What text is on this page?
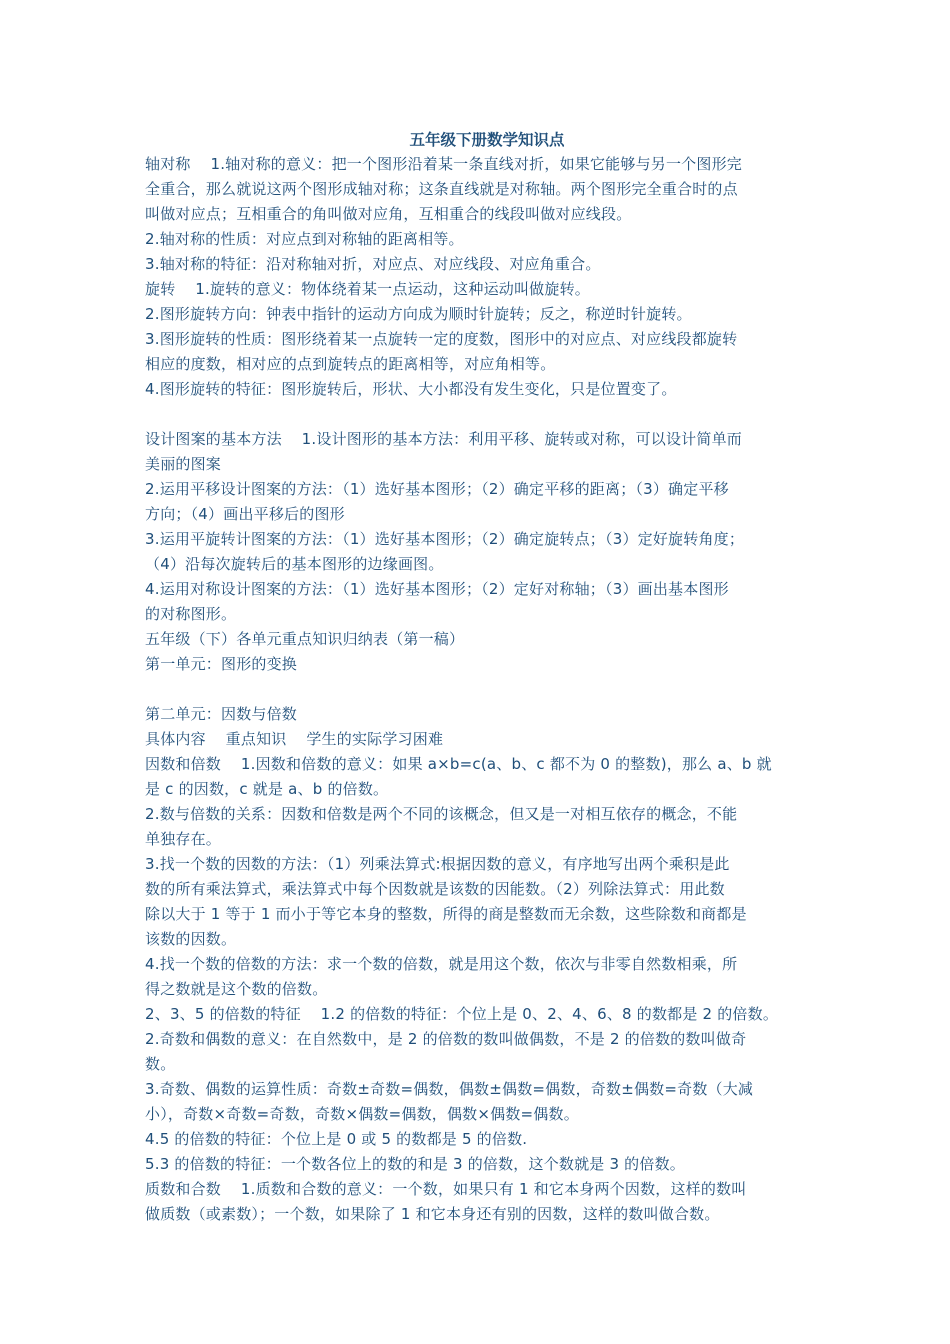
五年级下册数学知识点
轴对称    1.轴对称的意义：把一个图形沿着某一条直线对折，如果它能够与另一个图形完
全重合，那么就说这两个图形成轴对称；这条直线就是对称轴。两个图形完全重合时的点
叫做对应点；互相重合的角叫做对应角，互相重合的线段叫做对应线段。
2.轴对称的性质：对应点到对称轴的距离相等。
3.轴对称的特征：沿对称轴对折，对应点、对应线段、对应角重合。
旋转    1.旋转的意义：物体绕着某一点运动，这种运动叫做旋转。
2.图形旋转方向：钟表中指针的运动方向成为顺时针旋转；反之，称逆时针旋转。
3.图形旋转的性质：图形绕着某一点旋转一定的度数，图形中的对应点、对应线段都旋转
相应的度数，相对应的点到旋转点的距离相等，对应角相等。
4.图形旋转的特征：图形旋转后，形状、大小都没有发生变化，只是位置变了。
设计图案的基本方法    1.设计图形的基本方法：利用平移、旋转或对称，可以设计简单而
美丽的图案
2.运用平移设计图案的方法：（1）选好基本图形；（2）确定平移的距离；（3）确定平移
方向；（4）画出平移后的图形
3.运用平旋转计图案的方法：（1）选好基本图形；（2）确定旋转点；（3）定好旋转角度；
（4）沿每次旋转后的基本图形的边缘画图。
4.运用对称设计图案的方法：（1）选好基本图形；（2）定好对称轴；（3）画出基本图形
的对称图形。
五年级（下）各单元重点知识归纳表（第一稿）
第一单元：图形的变换
第二单元：因数与倍数
具体内容    重点知识    学生的实际学习困难
因数和倍数    1.因数和倍数的意义：如果 a×b=c(a、b、c 都不为 0 的整数)，那么 a、b 就
是 c 的因数，c 就是 a、b 的倍数。
2.数与倍数的关系：因数和倍数是两个不同的该概念，但又是一对相互依存的概念，不能
单独存在。
3.找一个数的因数的方法：（1）列乘法算式:根据因数的意义，有序地写出两个乘积是此
数的所有乘法算式，乘法算式中每个因数就是该数的因能数。（2）列除法算式：用此数
除以大于 1 等于 1 而小于等它本身的整数，所得的商是整数而无余数，这些除数和商都是
该数的因数。
4.找一个数的倍数的方法：求一个数的倍数，就是用这个数，依次与非零自然数相乘，所
得之数就是这个数的倍数。
2、3、5 的倍数的特征    1.2 的倍数的特征：个位上是 0、2、4、6、8 的数都是 2 的倍数。
2.奇数和偶数的意义：在自然数中，是 2 的倍数的数叫做偶数，不是 2 的倍数的数叫做奇
数。
3.奇数、偶数的运算性质：奇数±奇数=偶数，偶数±偶数=偶数，奇数±偶数=奇数（大减
小），奇数×奇数=奇数，奇数×偶数=偶数，偶数×偶数=偶数。
4.5 的倍数的特征：个位上是 0 或 5 的数都是 5 的倍数.
5.3 的倍数的特征：一个数各位上的数的和是 3 的倍数，这个数就是 3 的倍数。
质数和合数    1.质数和合数的意义：一个数，如果只有 1 和它本身两个因数，这样的数叫
做质数（或素数）；一个数，如果除了 1 和它本身还有别的因数，这样的数叫做合数。
